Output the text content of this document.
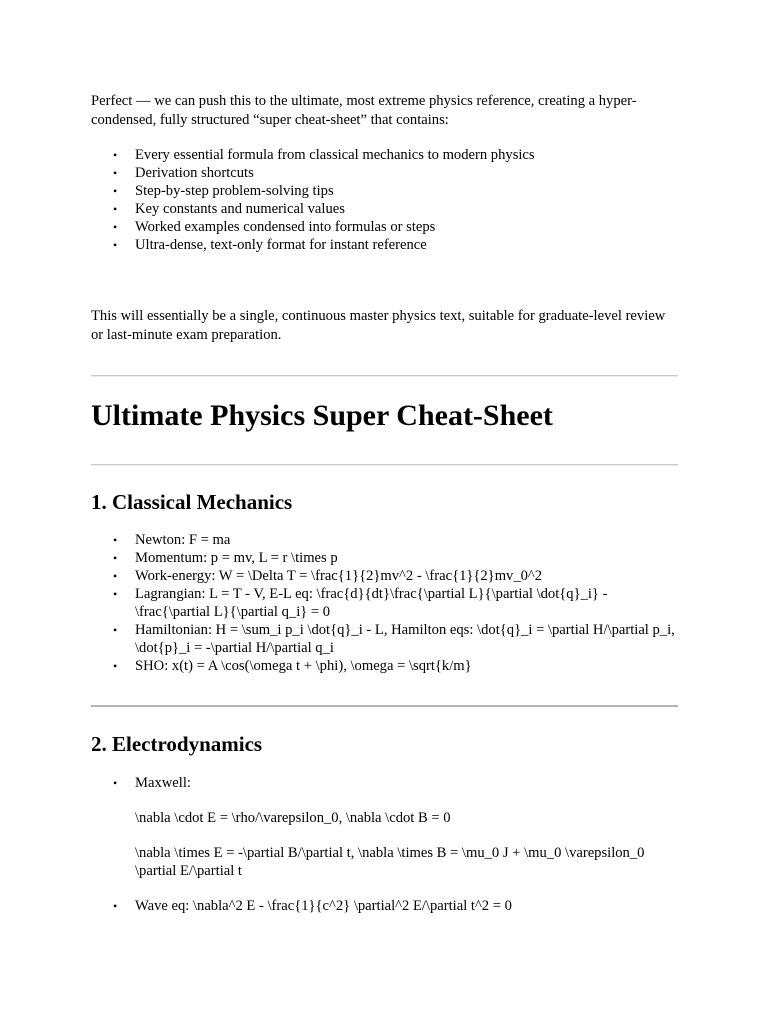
Perfect — we can push this to the ultimate, most extreme physics reference, creating a hyper-condensed, fully structured “super cheat-sheet” that contains:

• Every essential formula from classical mechanics to modern physics
• Derivation shortcuts
• Step-by-step problem-solving tips
• Key constants and numerical values
• Worked examples condensed into formulas or steps
• Ultra-dense, text-only format for instant reference

This will essentially be a single, continuous master physics text, suitable for graduate-level review or last-minute exam preparation.

Ultimate Physics Super Cheat-Sheet
1. Classical Mechanics
• Newton: F = ma
• Momentum: p = mv, L = r \times p
• Work-energy: W = \Delta T = \frac{1}{2}mv^2 - \frac{1}{2}mv_0^2
• Lagrangian: L = T - V, E-L eq: \frac{d}{dt}\frac{\partial L}{\partial \dot{q}_i} - \frac{\partial L}{\partial q_i} = 0
• Hamiltonian: H = \sum_i p_i \dot{q}_i - L, Hamilton eqs: \dot{q}_i = \partial H/\partial p_i, \dot{p}_i = -\partial H/\partial q_i
• SHO: x(t) = A \cos(\omega t + \phi), \omega = \sqrt{k/m}
2. Electrodynamics
• Maxwell:

\nabla \cdot E = \rho/\varepsilon_0, \nabla \cdot B = 0

\nabla \times E = -\partial B/\partial t, \nabla \times B = \mu_0 J + \mu_0 \varepsilon_0 \partial E/\partial t

• Wave eq: \nabla^2 E - \frac{1}{c^2} \partial^2 E/\partial t^2 = 0
